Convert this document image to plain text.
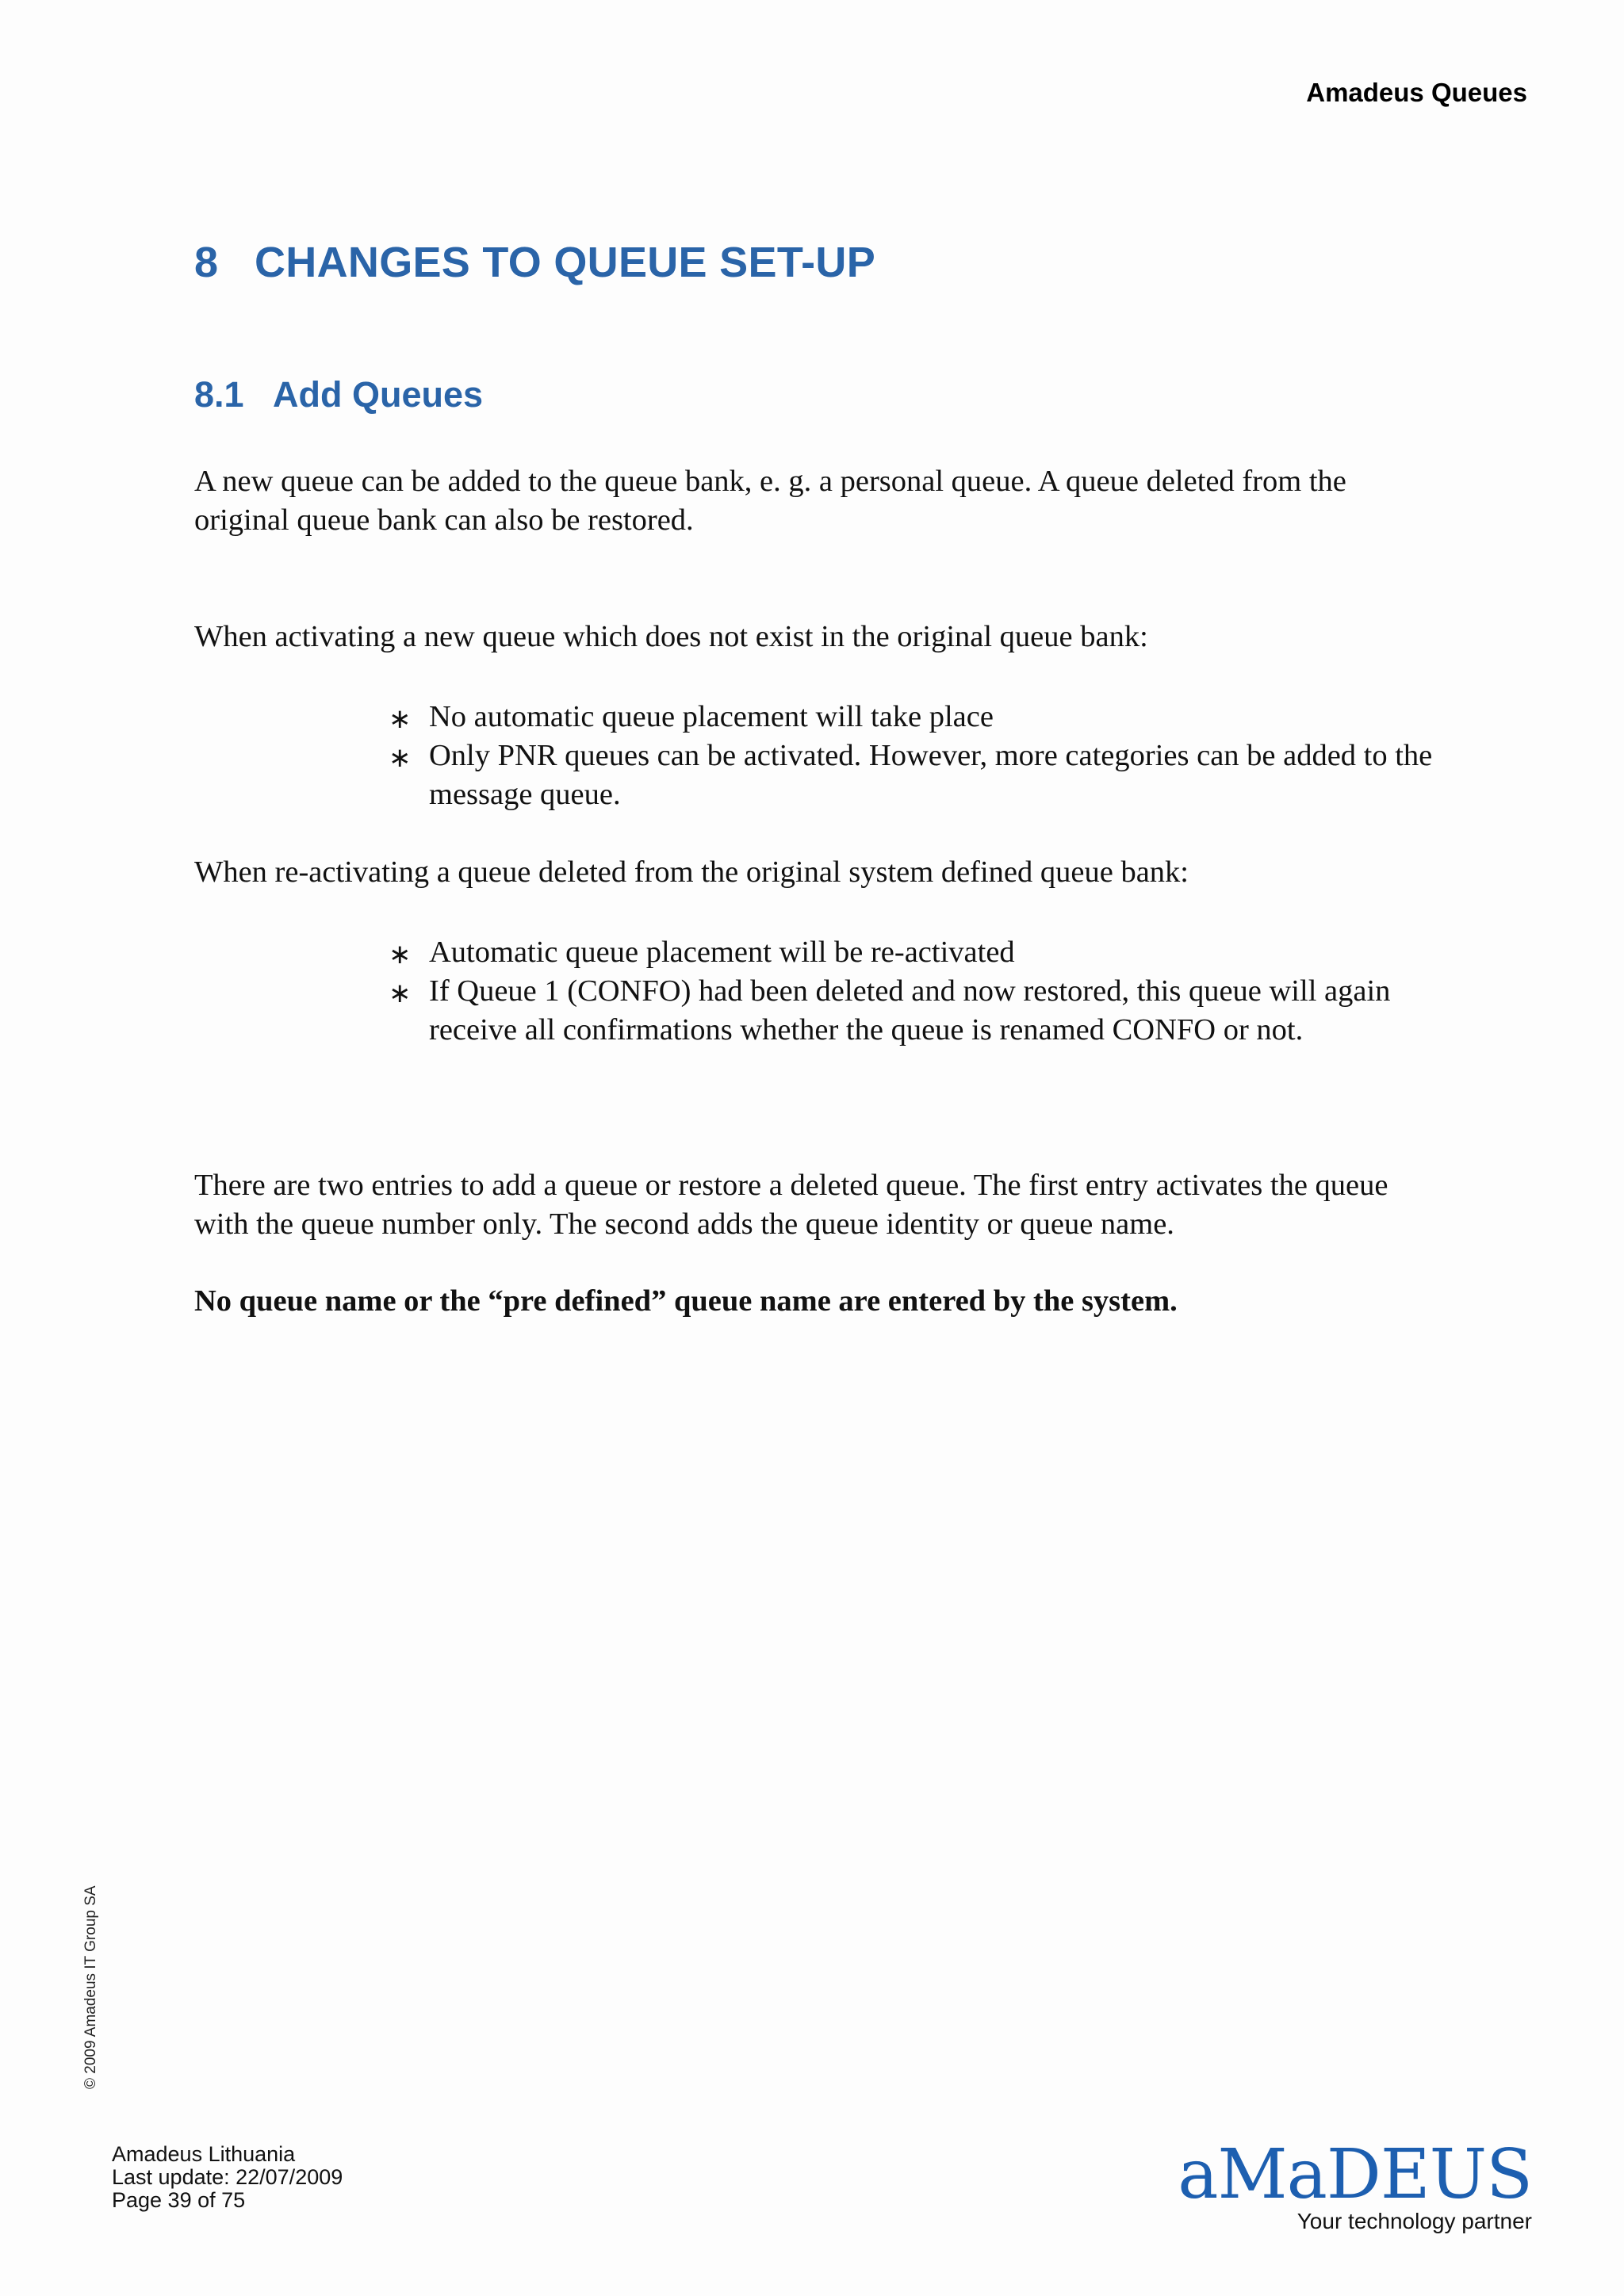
Amadeus Queues
8 CHANGES TO QUEUE SET-UP
8.1 Add Queues

A new queue can be added to the queue bank, e. g. a personal queue. A queue deleted from the original queue bank can also be restored.

When activating a new queue which does not exist in the original queue bank:

∗ No automatic queue placement will take place
∗ Only PNR queues can be activated. However, more categories can be added to the message queue.

When re-activating a queue deleted from the original system defined queue bank:

∗ Automatic queue placement will be re-activated
∗ If Queue 1 (CONFO) had been deleted and now restored, this queue will again receive all confirmations whether the queue is renamed CONFO or not.

There are two entries to add a queue or restore a deleted queue. The first entry activates the queue with the queue number only. The second adds the queue identity or queue name.

No queue name or the “pre defined” queue name are entered by the system.

© 2009 Amadeus IT Group SA
Amadeus Lithuania
Last update: 22/07/2009
Page 39 of 75	aMaDEUS
Your technology partner
